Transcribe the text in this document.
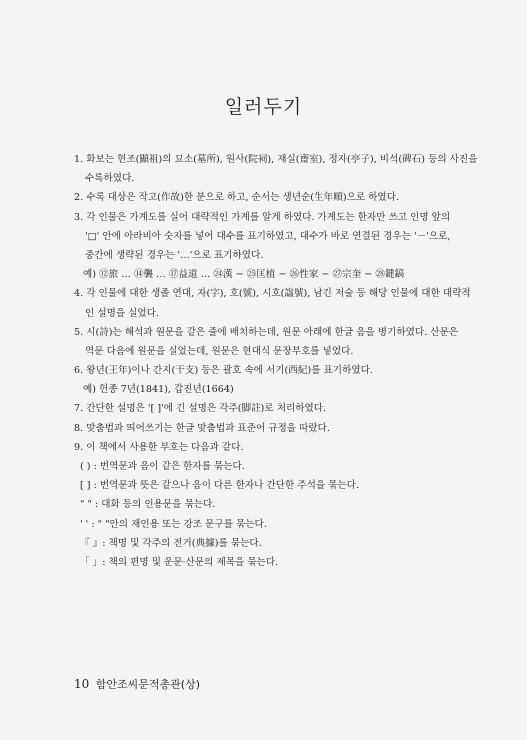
일러두기
1. 화보는 현조(顯祖)의 묘소(墓所), 원사(院祠), 재실(齋室), 정자(亭子), 비석(碑石) 등의 사진을
수록하였다.
2. 수록 대상은 작고(作故)한 분으로 하고, 순서는 생년순(生年順)으로 하였다.
3. 각 인물은 가계도를 실어 대략적인 가계를 알게 하였다. 가계도는 한자만 쓰고 인명 앞의
'□' 안에 아라비아 숫자를 넣어 대수를 표기하였고, 대수가 바로 연결된 경우는 '－'으로,
중간에 생략된 경우는 '…'으로 표기하였다.
예) ⑫旅 … ⑭襲 … ⑰益道 … ㉔漢 − ㉕匡植 − ㉖性家 − ㉗宗奎 − ㉘鍵鎬
4. 각 인물에 대한 생졸 연대, 자(字), 호(號), 시호(諡號), 남긴 저술 등 해당 인물에 대한 대략적
인 설명을 실었다.
5. 시(詩)는 해석과 원문을 같은 줄에 배치하는데, 원문 아래에 한글 음을 병기하였다. 산문은
역문 다음에 원문을 실었는데, 원문은 현대식 문장부호를 넣었다.
6. 왕년(王年)이나 간지(干支) 등은 괄호 속에 서기(西紀)를 표기하였다.
예) 헌종 7년(1841), 갑진년(1664)
7. 간단한 설명은 '[ ]'에 긴 설명은 각주(脚註)로 처리하였다.
8. 맞춤법과 띄어쓰기는 한글 맞춤법과 표준어 규정을 따랐다.
9. 이 책에서 사용한 부호는 다음과 같다.
( ) : 번역문과 음이 같은 한자를 묶는다.
[ ] : 번역문과 뜻은 같으나 음이 다른 한자나 간단한 주석을 묶는다.
" " : 대화 등의 인용문을 묶는다.
' ' : " "안의 재인용 또는 강조 문구를 묶는다.
『 』: 책명 및 각주의 전거(典據)를 묶는다.
「 」: 책의 편명 및 운문·산문의 제목을 묶는다.
10 함안조씨문적총관(상)
